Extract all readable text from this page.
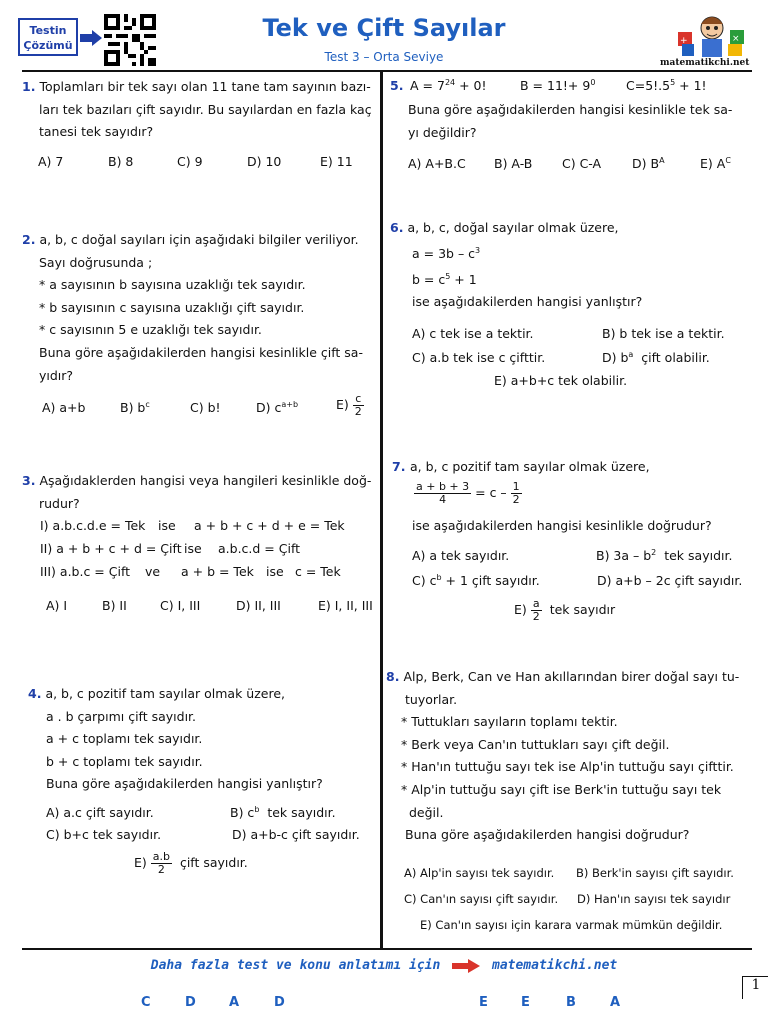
Testin
Çözümü
Tek ve Çift Sayılar
Test 3 – Orta Seviye
+	×
matematikchi.net
1. Toplamları bir tek sayı olan 11 tane tam sayının bazı-
ları tek bazıları çift sayıdır. Bu sayılardan en fazla kaç
tanesi tek sayıdır?
A) 7	B) 8	C) 9	D) 10	E) 11
2. a, b, c doğal sayıları için aşağıdaki bilgiler veriliyor.
Sayı doğrusunda ;
* a sayısının b sayısına uzaklığı tek sayıdır.
* b sayısının c sayısına uzaklığı çift sayıdır.
* c sayısının 5 e uzaklığı tek sayıdır.
Buna göre aşağıdakilerden hangisi kesinlikle çift sa-
yıdır?
A) a+b	B) $b^c$	C) b!	D) $c^{a+b}$	$E) \frac{c}{2}$
3. Aşağıdaklerden hangisi veya hangileri kesinlikle doğ-
rudur?
I) a.b.c.d.e = Tek ise a + b + c + d + e = Tek
II) a + b + c + d = Çift ise a.b.c.d = Çift
III) a.b.c = Çift ve a + b = Tek ise c = Tek
A) I	B) II	C) I, III	D) II, III	E) I, II, III
4. a, b, c pozitif tam sayılar olmak üzere,
a . b çarpımı çift sayıdır.
a + c toplamı tek sayıdır.
b + c toplamı tek sayıdır.
Buna göre aşağıdakilerden hangisi yanlıştır?
A) a.c çift sayıdır.	B) $c^b$ tek sayıdır.
C) b+c tek sayıdır.	D) a+b-c çift sayıdır.
$E) \frac{a.b}{2}$ çift sayıdır.
5. $A = 7^{24} + 0$!	$B = 11!+ 9^0$ $C=5!.5^5 + 1$!
Buna göre aşağıdakilerden hangisi kesinlikle tek sa-
yı değildir?
A) A+B.C B) A-B C) C-A D) $B^A$	E) $A^C$
6. a, b, c, doğal sayılar olmak üzere,
$a = 3b - c^3$
$b = c^5 + 1$
ise aşağıdakilerden hangisi yanlıştır?
A) c tek ise a tektir.	B) b tek ise a tektir.
C) a.b tek ise c çifttir.	D) $b^a$ çift olabilir.
E) a+b+c tek olabilir.
7. a, b, c pozitif tam sayılar olmak üzere,
$\frac{a + b + 3}{4} = c - \frac{1}{2}$
ise aşağıdakilerden hangisi kesinlikle doğrudur?
A) a tek sayıdır.	B) $3a - b^2$ tek sayıdır.
C) $c^b + 1$ çift sayıdır.	D) a+b – 2c çift sayıdır.
$E) \frac{a}{2}$ tek sayıdır
8. Alp, Berk, Can ve Han akıllarından birer doğal sayı tu-
tuyorlar.
* Tuttukları sayıların toplamı tektir.
* Berk veya Can'ın tuttukları sayı çift değil.
* Han'ın tuttuğu sayı tek ise Alp'in tuttuğu sayı çifttir.
* Alp'in tuttuğu sayı çift ise Berk'in tuttuğu sayı tek
değil.
Buna göre aşağıdakilerden hangisi doğrudur?
A) Alp'in sayısı tek sayıdır. B) Berk'in sayısı çift sayıdır.
C) Can'ın sayısı çift sayıdır. D) Han'ın sayısı tek sayıdır
E) Can'ın sayısı için karara varmak mümkün değildir.
Daha fazla test ve konu anlatımı için	matematikchi.net
C	D	A	D	E	E	B	A
1
